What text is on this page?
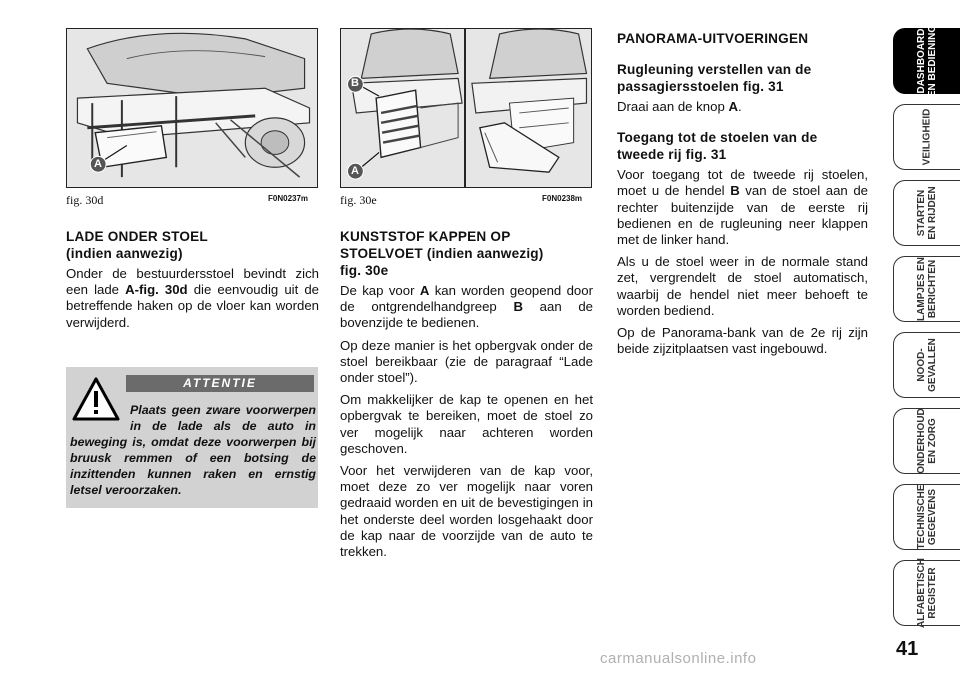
A
fig. 30d	F0N0237m
B
A
fig. 30e	F0N0238m
LADE ONDER STOEL
(indien aanwezig)

Onder de bestuurdersstoel bevindt zich een lade A-fig. 30d die eenvoudig uit de betreffende haken op de vloer kan worden verwijderd.

ATTENTIE
Plaats geen zware voorwerpen in de lade als de auto in beweging is, omdat deze voorwerpen bij bruusk remmen of een botsing de inzittenden kunnen raken en ernstig letsel veroorzaken.
KUNSTSTOF KAPPEN OP
STOELVOET (indien aanwezig)
fig. 30e

De kap voor A kan worden geopend door de ontgrendelhandgreep B aan de bovenzijde te bedienen.

Op deze manier is het opbergvak onder de stoel bereikbaar (zie de paragraaf “Lade onder stoel”).

Om makkelijker de kap te openen en het opbergvak te bereiken, moet de stoel zo ver mogelijk naar achteren worden geschoven.

Voor het verwijderen van de kap voor, moet deze zo ver mogelijk naar voren gedraaid worden en uit de bevestigingen in het onderste deel worden losgehaakt door de kap naar de voorzijde van de auto te trekken.

PANORAMA-UITVOERINGEN
Rugleuning verstellen van de
passagiersstoelen fig. 31

Draai aan de knop A.

Toegang tot de stoelen van de
tweede rij fig. 31

Voor toegang tot de tweede rij stoelen, moet u de hendel B van de stoel aan de rechter buitenzijde van de eerste rij bedienen en de rugleuning neer klappen met de linker hand.

Als u de stoel weer in de normale stand zet, vergrendelt de stoel automatisch, waarbij de hendel niet meer behoeft te worden bediend.

Op de Panorama-bank van de 2e rij zijn beide zijzitplaatsen vast ingebouwd.

DASHBOARD
EN BEDIENING
VEILIGHEID
STARTEN
EN RIJDEN
LAMPJES EN
BERICHTEN
NOOD-
GEVALLEN
ONDERHOUD
EN ZORG
TECHNISCHE
GEGEVENS
ALFABETISCH
REGISTER
41
carmanualsonline.info
